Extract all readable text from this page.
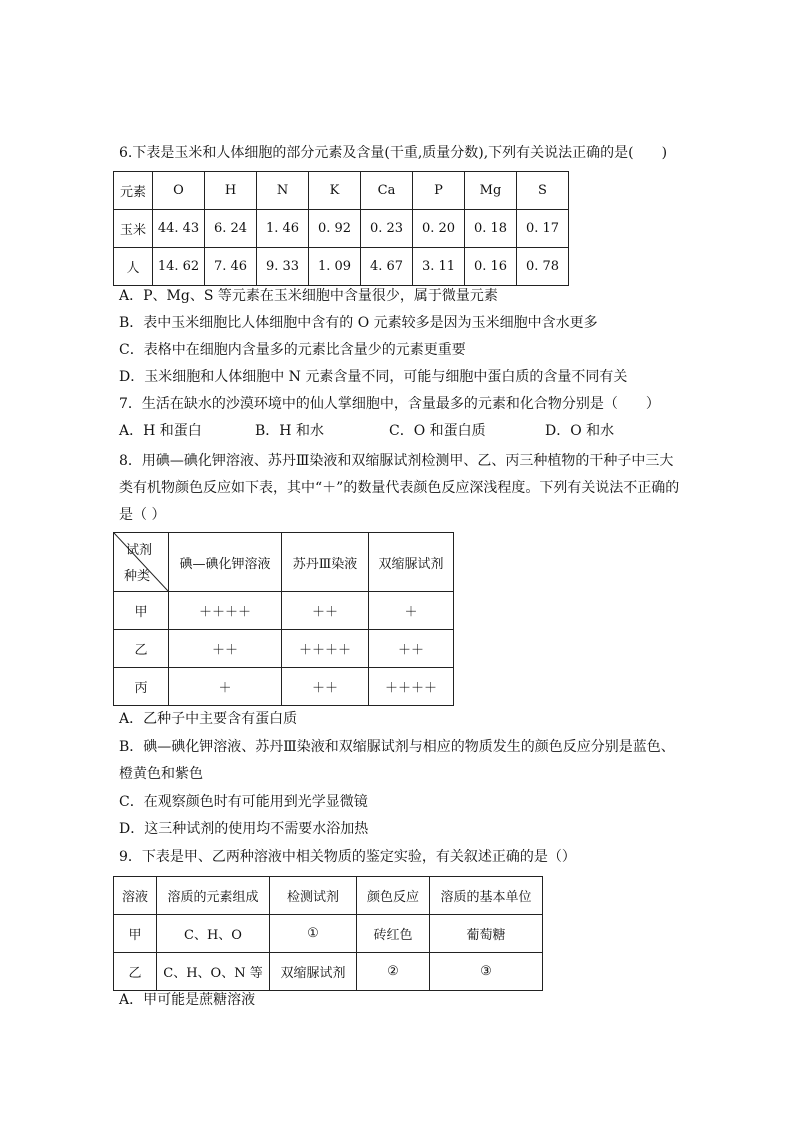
6.下表是玉米和人体细胞的部分元素及含量(干重,质量分数),下列有关说法正确的是(　　)
元素	O	H	N	K	Ca	P	Mg	S
玉米	44. 43	6. 24	1. 46	0. 92	0. 23	0. 20	0. 18	0. 17
人	14. 62	7. 46	9. 33	1. 09	4. 67	3. 11	0. 16	0. 78
A．P、Mg、S 等元素在玉米细胞中含量很少，属于微量元素
B．表中玉米细胞比人体细胞中含有的 O 元素较多是因为玉米细胞中含水更多
C．表格中在细胞内含量多的元素比含量少的元素更重要
D．玉米细胞和人体细胞中 N 元素含量不同，可能与细胞中蛋白质的含量不同有关
7．生活在缺水的沙漠环境中的仙人掌细胞中，含量最多的元素和化合物分别是（　　）
A．H 和蛋白	B．H 和水	C．O 和蛋白质	D．O 和水
8．用碘—碘化钾溶液、苏丹Ⅲ染液和双缩脲试剂检测甲、乙、丙三种植物的干种子中三大
类有机物颜色反应如下表，其中“＋”的数量代表颜色反应深浅程度。下列有关说法不正确的
是（ ）
试剂
种类	碘—碘化钾溶液	苏丹Ⅲ染液	双缩脲试剂
甲	＋＋＋＋	＋＋	＋
乙	＋＋	＋＋＋＋	＋＋
丙	＋	＋＋	＋＋＋＋
A．乙种子中主要含有蛋白质
B．碘—碘化钾溶液、苏丹Ⅲ染液和双缩脲试剂与相应的物质发生的颜色反应分别是蓝色、
橙黄色和紫色
C．在观察颜色时有可能用到光学显微镜
D．这三种试剂的使用均不需要水浴加热
9．下表是甲、乙两种溶液中相关物质的鉴定实验，有关叙述正确的是（）
溶液	溶质的元素组成	检测试剂	颜色反应	溶质的基本单位
甲	C、H、O	①	砖红色	葡萄糖
乙	C、H、O、N 等	双缩脲试剂	②	③
A．甲可能是蔗糖溶液
